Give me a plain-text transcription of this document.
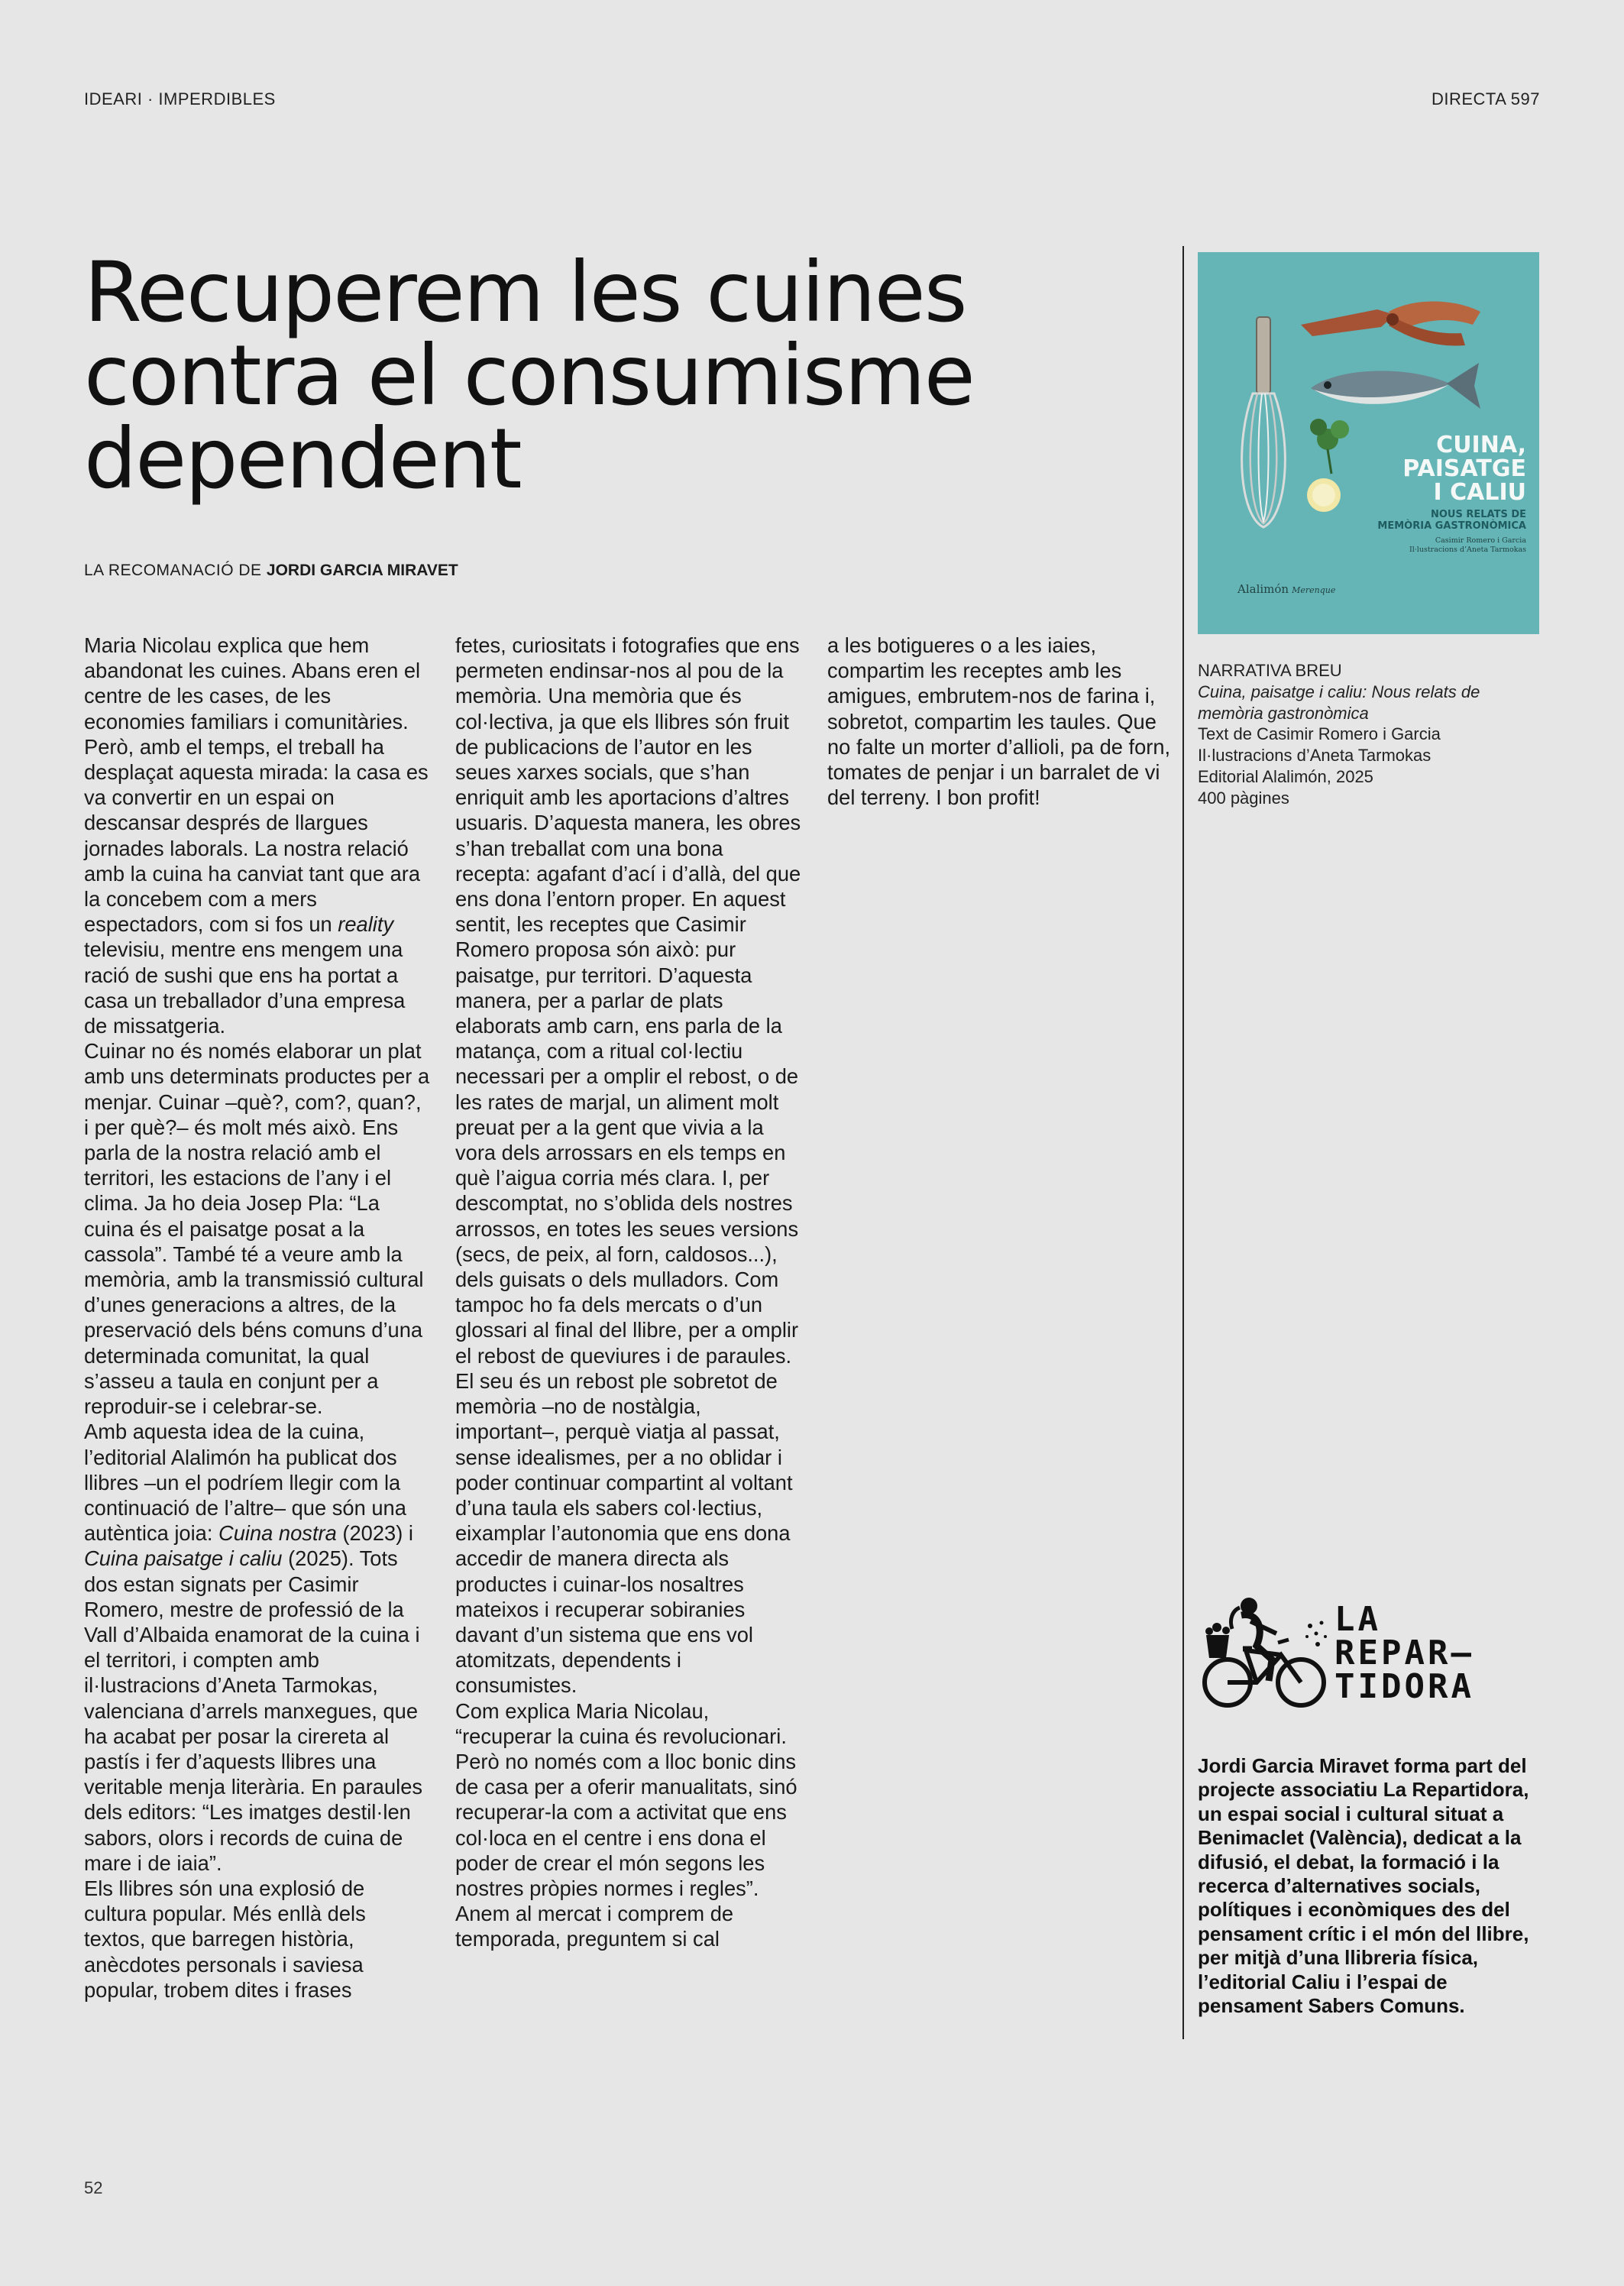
IDEARI · IMPERDIBLES	DIRECTA 597
Recuperem les cuines contra el consumisme dependent
LA RECOMANACIÓ DE JORDI GARCIA MIRAVET

Maria Nicolau explica que hem abandonat les cuines. Abans eren el centre de les cases, de les economies familiars i comunitàries. Però, amb el temps, el treball ha desplaçat aquesta mirada: la casa es va convertir en un espai on descansar després de llargues jornades laborals. La nostra relació amb la cuina ha canviat tant que ara la concebem com a mers espectadors, com si fos un reality televisiu, mentre ens mengem una ració de sushi que ens ha portat a casa un treballador d’una empresa de missatgeria.

Cuinar no és només elaborar un plat amb uns determinats productes per a menjar. Cuinar –què?, com?, quan?, i per què?– és molt més això. Ens parla de la nostra relació amb el territori, les estacions de l’any i el clima. Ja ho deia Josep Pla: “La cuina és el paisatge posat a la cassola”. També té a veure amb la memòria, amb la transmissió cultural d’unes generacions a altres, de la preservació dels béns comuns d’una determinada comunitat, la qual s’asseu a taula en conjunt per a reproduir-se i celebrar-se.

Amb aquesta idea de la cuina, l’editorial Alalimón ha publicat dos llibres –un el podríem llegir com la continuació de l’altre– que són una autèntica joia: Cuina nostra (2023) i Cuina paisatge i caliu (2025). Tots dos estan signats per Casimir Romero, mestre de professió de la Vall d’Albaida enamorat de la cuina i el territori, i compten amb il·lustracions d’Aneta Tarmokas, valenciana d’arrels manxegues, que ha acabat per posar la cirereta al pastís i fer d’aquests llibres una veritable menja literària. En paraules dels editors: “Les imatges destil·len sabors, olors i records de cuina de mare i de iaia”.

Els llibres són una explosió de cultura popular. Més enllà dels textos, que barregen història, anècdotes personals i saviesa popular, trobem dites i frases

fetes, curiositats i fotografies que ens permeten endinsar-nos al pou de la memòria. Una memòria que és col·lectiva, ja que els llibres són fruit de publicacions de l’autor en les seues xarxes socials, que s’han enriquit amb les aportacions d’altres usuaris. D’aquesta manera, les obres s’han treballat com una bona recepta: agafant d’ací i d’allà, del que ens dona l’entorn proper. En aquest sentit, les receptes que Casimir Romero proposa són això: pur paisatge, pur territori. D’aquesta manera, per a parlar de plats elaborats amb carn, ens parla de la matança, com a ritual col·lectiu necessari per a omplir el rebost, o de les rates de marjal, un aliment molt preuat per a la gent que vivia a la vora dels arrossars en els temps en què l’aigua corria més clara. I, per descomptat, no s’oblida dels nostres arrossos, en totes les seues versions (secs, de peix, al forn, caldosos...), dels guisats o dels mulladors. Com tampoc ho fa dels mercats o d’un glossari al final del llibre, per a omplir el rebost de queviures i de paraules.

El seu és un rebost ple sobretot de memòria –no de nostàlgia, important–, perquè viatja al passat, sense idealismes, per a no oblidar i poder continuar compartint al voltant d’una taula els sabers col·lectius, eixamplar l’autonomia que ens dona accedir de manera directa als productes i cuinar-los nosaltres mateixos i recuperar sobiranies davant d’un sistema que ens vol atomitzats, dependents i consumistes.

Com explica Maria Nicolau, “recuperar la cuina és revolucionari. Però no només com a lloc bonic dins de casa per a oferir manualitats, sinó recuperar-la com a activitat que ens col·loca en el centre i ens dona el poder de crear el món segons les nostres pròpies normes i regles”. Anem al mercat i comprem de temporada, preguntem si cal

a les botigueres o a les iaies, compartim les receptes amb les amigues, embrutem-nos de farina i, sobretot, compartim les taules. Que no falte un morter d’allioli, pa de forn, tomates de penjar i un barralet de vi del terreny. I bon profit!

CUINA,
PAISATGE
I CALIU
NOUS RELATS DE
MEMÒRIA GASTRONÒMICA
Casimir Romero i Garcia
Il·lustracions d’Aneta Tarmokas
Alalimón Merenque
NARRATIVA BREU
Cuina, paisatge i caliu: Nous relats de memòria gastronòmica
Text de Casimir Romero i Garcia
Il·lustracions d’Aneta Tarmokas
Editorial Alalimón, 2025
400 pàgines
LA
REPAR–
TIDORA
Jordi Garcia Miravet forma part del projecte associatiu La Repartidora, un espai social i cultural situat a Benimaclet (València), dedicat a la difusió, el debat, la formació i la recerca d’alternatives socials, polítiques i econòmiques des del pensament crític i el món del llibre, per mitjà d’una llibreria física, l’editorial Caliu i l’espai de pensament Sabers Comuns.
52
